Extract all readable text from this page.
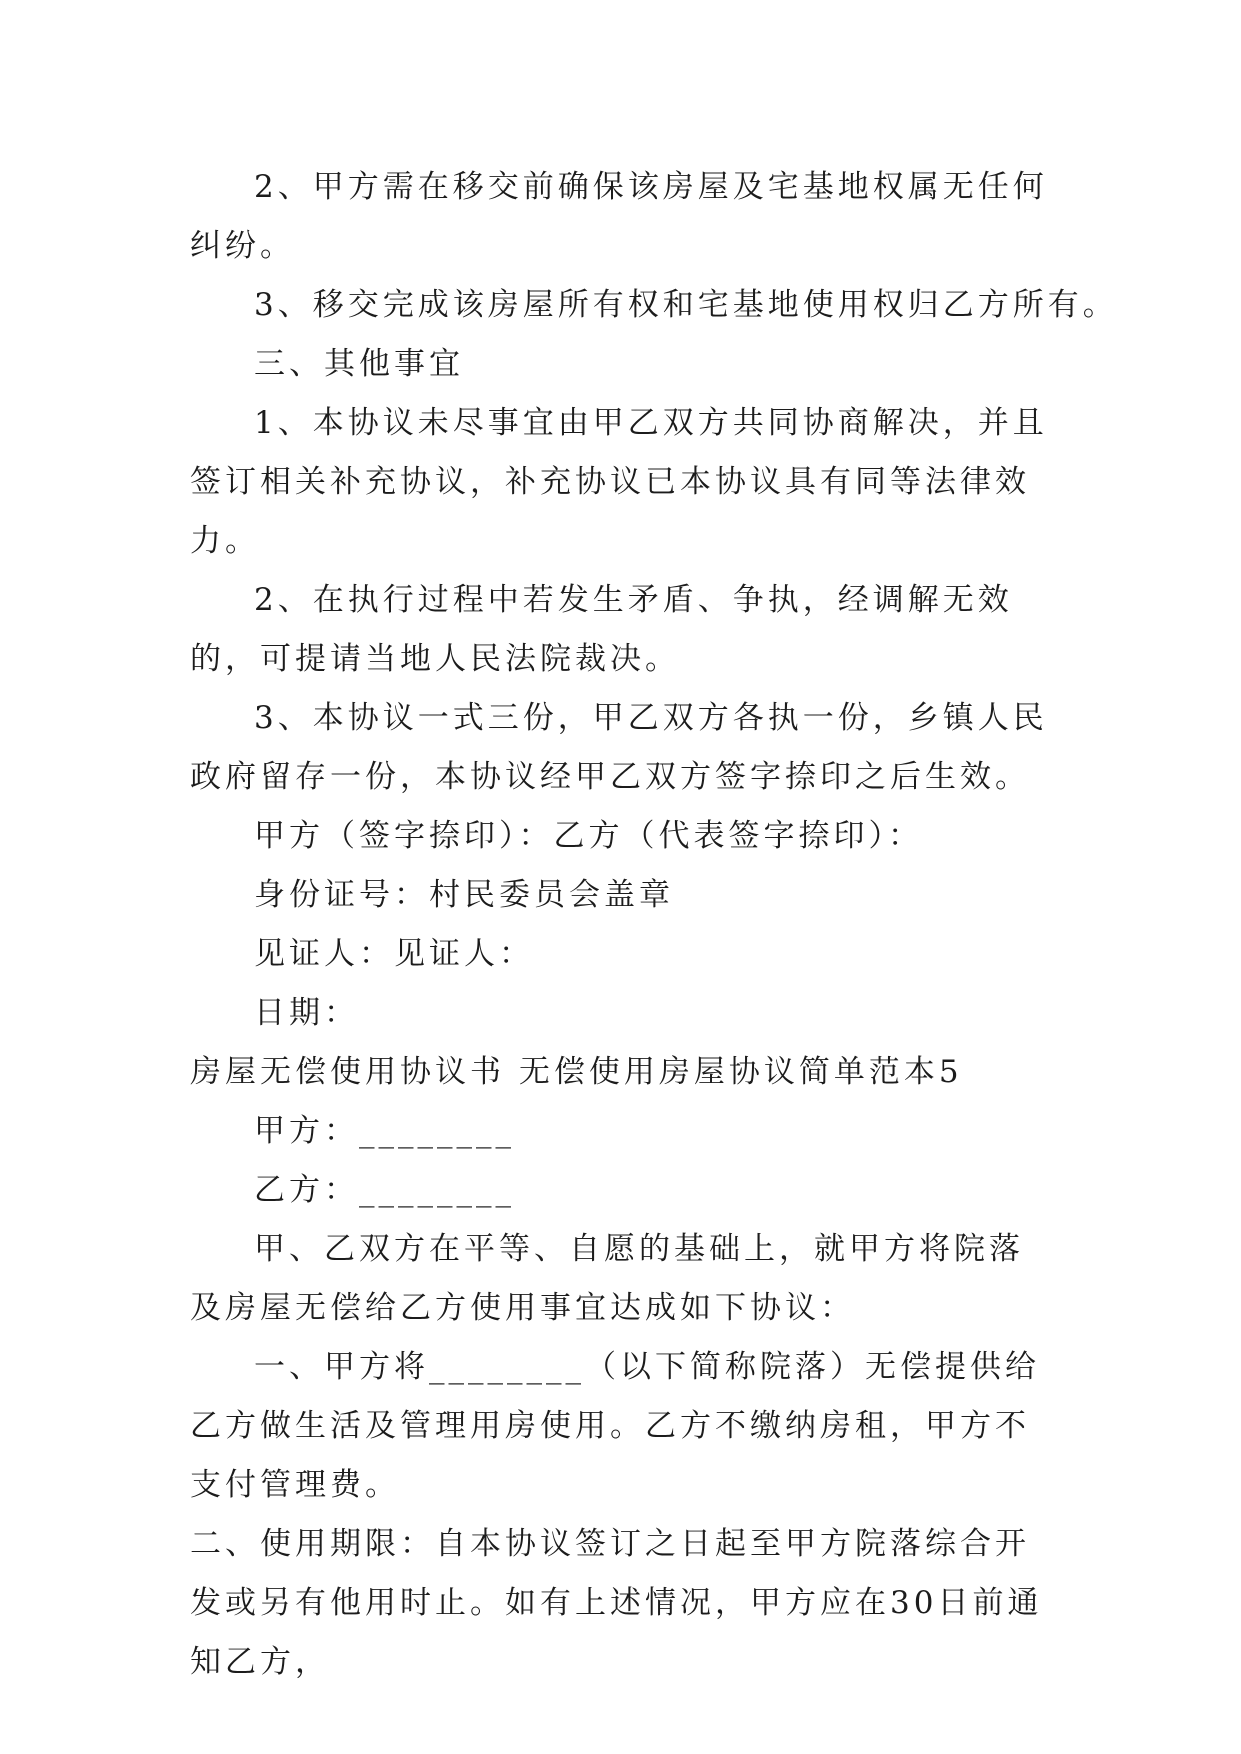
2、甲方需在移交前确保该房屋及宅基地权属无任何纠纷。

3、移交完成该房屋所有权和宅基地使用权归乙方所有。

三、其他事宜

1、本协议未尽事宜由甲乙双方共同协商解决，并且签订相关补充协议，补充协议已本协议具有同等法律效力。

2、在执行过程中若发生矛盾、争执，经调解无效的，可提请当地人民法院裁决。

3、本协议一式三份，甲乙双方各执一份，乡镇人民政府留存一份，本协议经甲乙双方签字捺印之后生效。

甲方（签字捺印）：乙方（代表签字捺印）：

身份证号：村民委员会盖章

见证人：见证人：

日期：

房屋无偿使用协议书 无偿使用房屋协议简单范本5

甲方：________

乙方：________

甲、乙双方在平等、自愿的基础上，就甲方将院落及房屋无偿给乙方使用事宜达成如下协议：

一、甲方将________（以下简称院落）无偿提供给乙方做生活及管理用房使用。乙方不缴纳房租，甲方不支付管理费。

二、使用期限：自本协议签订之日起至甲方院落综合开发或另有他用时止。如有上述情况，甲方应在30日前通知乙方，
